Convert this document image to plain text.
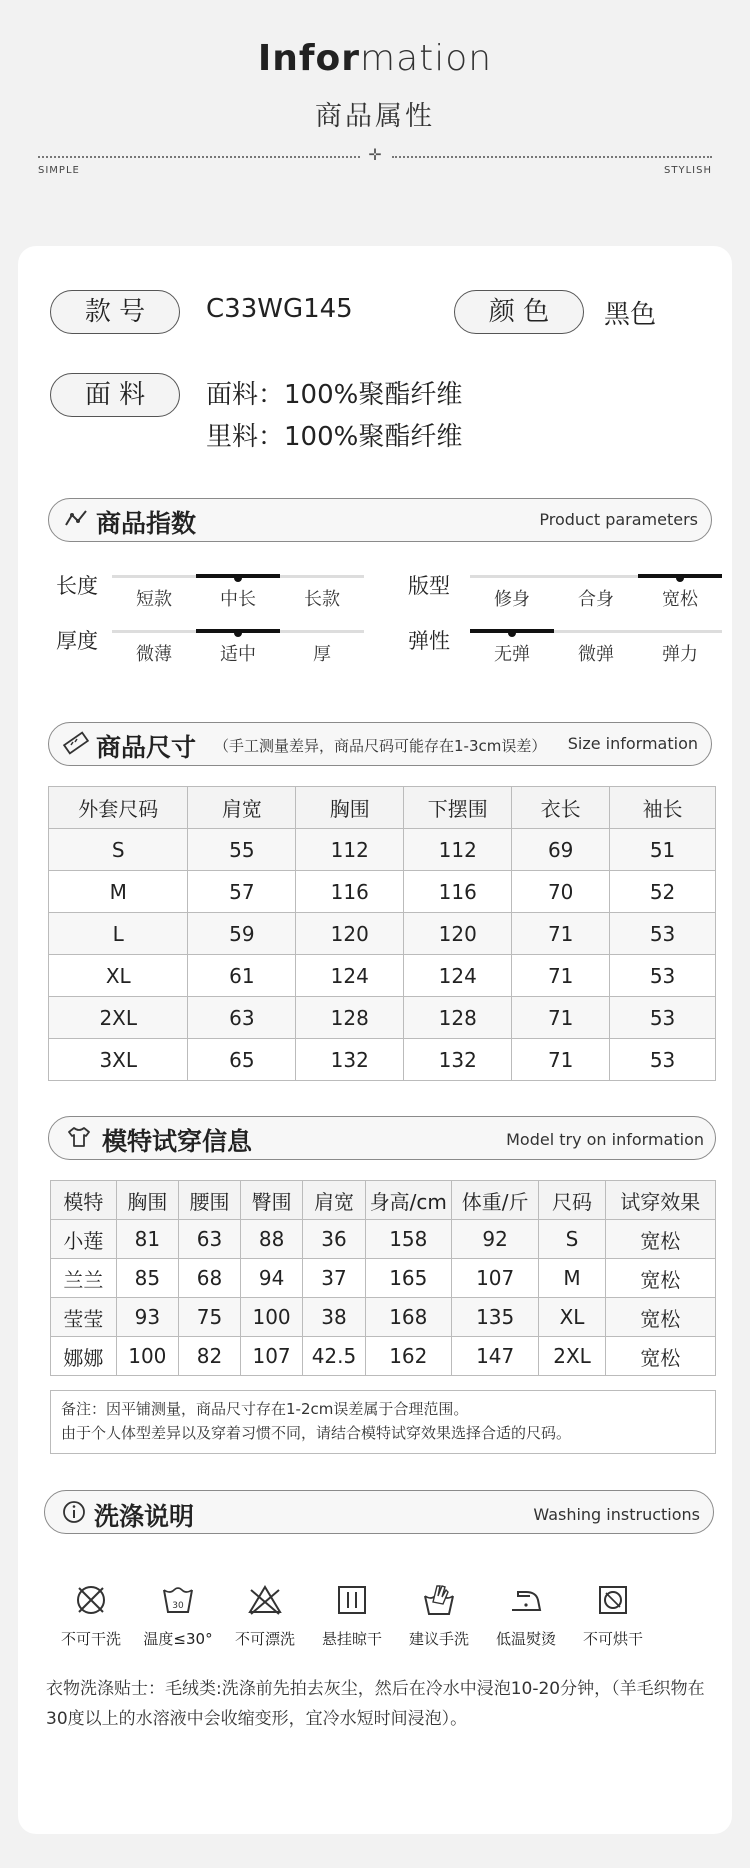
Information
商品属性
✛
SIMPLE	STYLISH
款 号	C33WG145	颜 色	黑色
面 料	面料：100%聚酯纤维
里料：100%聚酯纤维
商品指数	Product parameters
长度
短款	中长	长款
版型
修身	合身	宽松
厚度
微薄	适中	厚
弹性
无弹	微弹	弹力
商品尺寸 （手工测量差异，商品尺码可能存在1-3cm误差） Size information
外套尺码	肩宽	胸围	下摆围	衣长	袖长
S	55	112	112	69	51
M	57	116	116	70	52
L	59	120	120	71	53
XL	61	124	124	71	53
2XL	63	128	128	71	53
3XL	65	132	132	71	53
模特试穿信息	Model try on information
模特	胸围	腰围	臀围	肩宽	身高/cm	体重/斤	尺码	试穿效果
小莲	81	63	88	36	158	92	S	宽松
兰兰	85	68	94	37	165	107	M	宽松
莹莹	93	75	100	38	168	135	XL	宽松
娜娜	100	82	107	42.5	162	147	2XL	宽松
备注：因平铺测量，商品尺寸存在1-2cm误差属于合理范围。
由于个人体型差异以及穿着习惯不同，请结合模特试穿效果选择合适的尺码。
洗涤说明	Washing instructions
不可干洗
30
温度≤30°	不可漂洗	悬挂晾干	建议手洗	低温熨烫	不可烘干
衣物洗涤贴士：毛绒类:洗涤前先拍去灰尘，然后在冷水中浸泡10-20分钟，（羊毛织物在30度以上的水溶液中会收缩变形，宜冷水短时间浸泡）。
